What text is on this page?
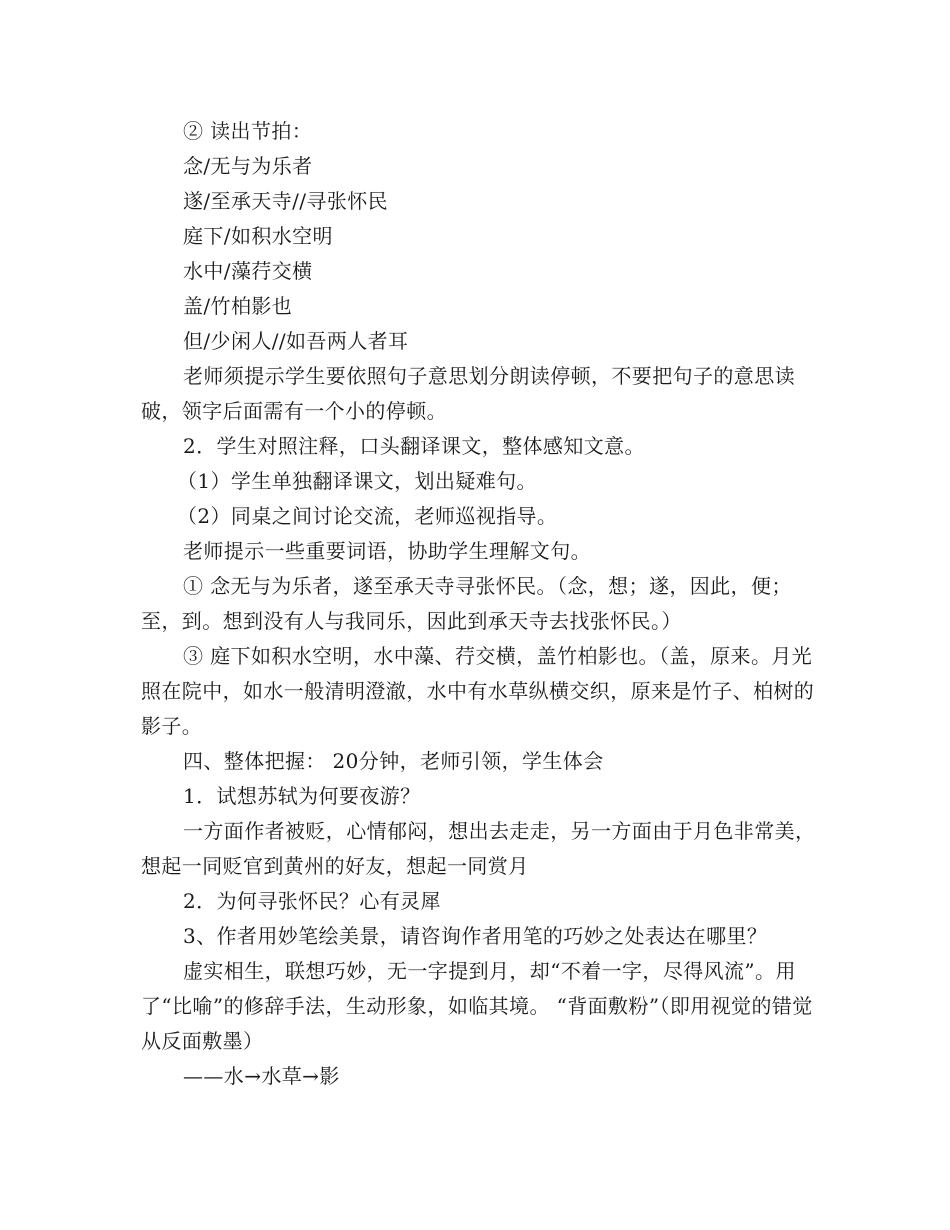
② 读出节拍：

念/无与为乐者

遂/至承天寺//寻张怀民

庭下/如积水空明

水中/藻荇交横

盖/竹柏影也

但/少闲人//如吾两人者耳

老师须提示学生要依照句子意思划分朗读停顿，不要把句子的意思读破，领字后面需有一个小的停顿。

2．学生对照注释，口头翻译课文，整体感知文意。

（1）学生单独翻译课文，划出疑难句。

（2）同桌之间讨论交流，老师巡视指导。

老师提示一些重要词语，协助学生理解文句。

① 念无与为乐者，遂至承天寺寻张怀民。（念，想；遂，因此，便；至，到。想到没有人与我同乐，因此到承天寺去找张怀民。）

③ 庭下如积水空明，水中藻、荇交横，盖竹柏影也。（盖，原来。月光照在院中，如水一般清明澄澈，水中有水草纵横交织，原来是竹子、柏树的影子。

四、整体把握： 20分钟，老师引领，学生体会

1．试想苏轼为何要夜游？

一方面作者被贬，心情郁闷，想出去走走，另一方面由于月色非常美，想起一同贬官到黄州的好友，想起一同赏月

2．为何寻张怀民？心有灵犀

3、作者用妙笔绘美景，请咨询作者用笔的巧妙之处表达在哪里？

虚实相生，联想巧妙，无一字提到月，却“不着一字，尽得风流”。用了“比喻”的修辞手法，生动形象，如临其境。 “背面敷粉”（即用视觉的错觉从反面敷墨）

——水→水草→影
